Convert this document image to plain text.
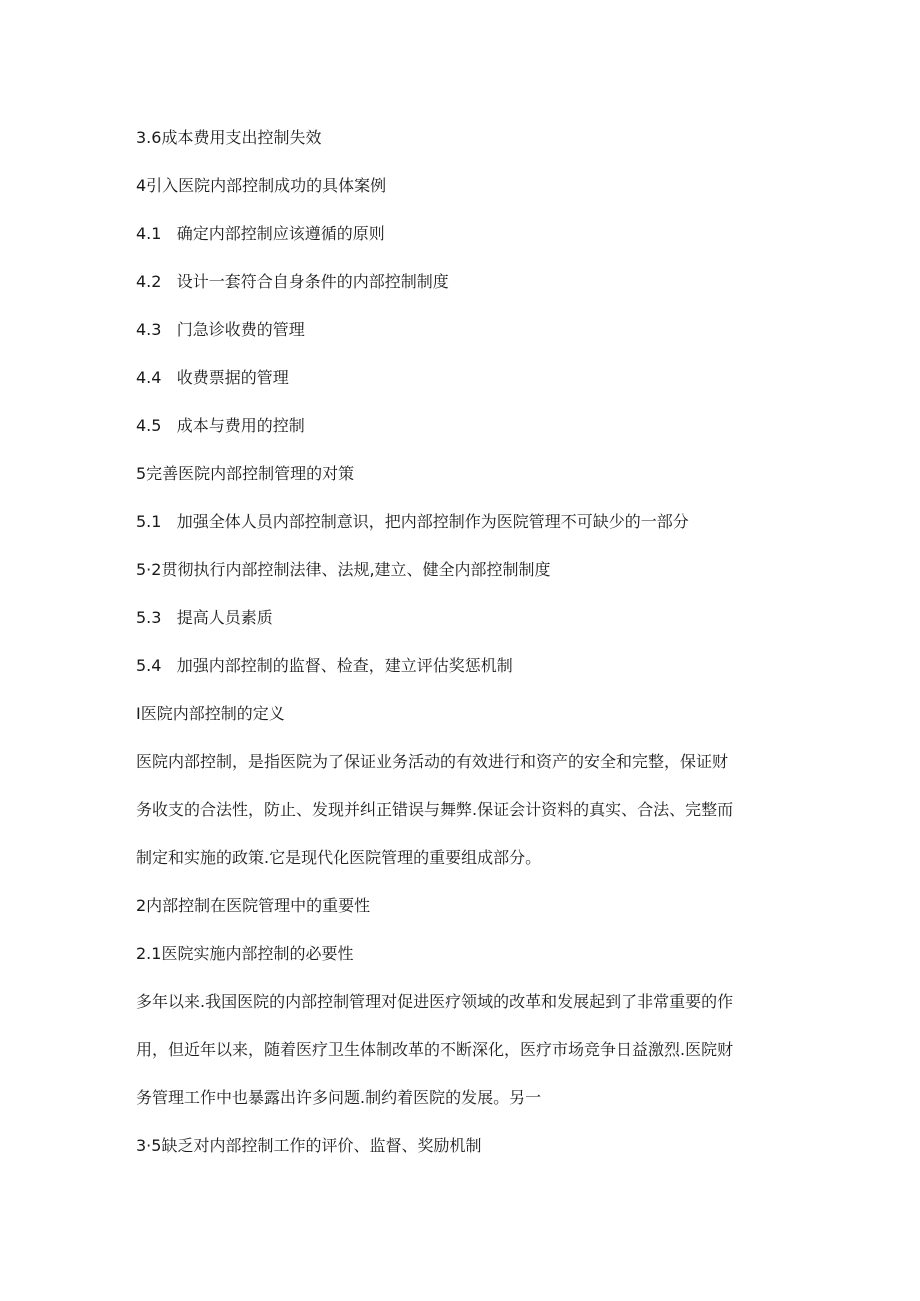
3.6成本费用支出控制失效
4引入医院内部控制成功的具体案例
4.1   确定内部控制应该遵循的原则
4.2   设计一套符合自身条件的内部控制制度
4.3   门急诊收费的管理
4.4   收费票据的管理
4.5   成本与费用的控制
5完善医院内部控制管理的对策
5.1   加强全体人员内部控制意识，把内部控制作为医院管理不可缺少的一部分
5·2贯彻执行内部控制法律、法规,建立、健全内部控制制度
5.3   提高人员素质
5.4   加强内部控制的监督、检查，建立评估奖惩机制
I医院内部控制的定义
医院内部控制，是指医院为了保证业务活动的有效进行和资产的安全和完整，保证财
务收支的合法性，防止、发现并纠正错误与舞弊.保证会计资料的真实、合法、完整而
制定和实施的政策.它是现代化医院管理的重要组成部分。
2内部控制在医院管理中的重要性
2.1医院实施内部控制的必要性
多年以来.我国医院的内部控制管理对促进医疗领域的改革和发展起到了非常重要的作
用，但近年以来，随着医疗卫生体制改革的不断深化，医疗市场竞争日益激烈.医院财
务管理工作中也暴露出许多问题.制约着医院的发展。另一
3·5缺乏对内部控制工作的评价、监督、奖励机制
